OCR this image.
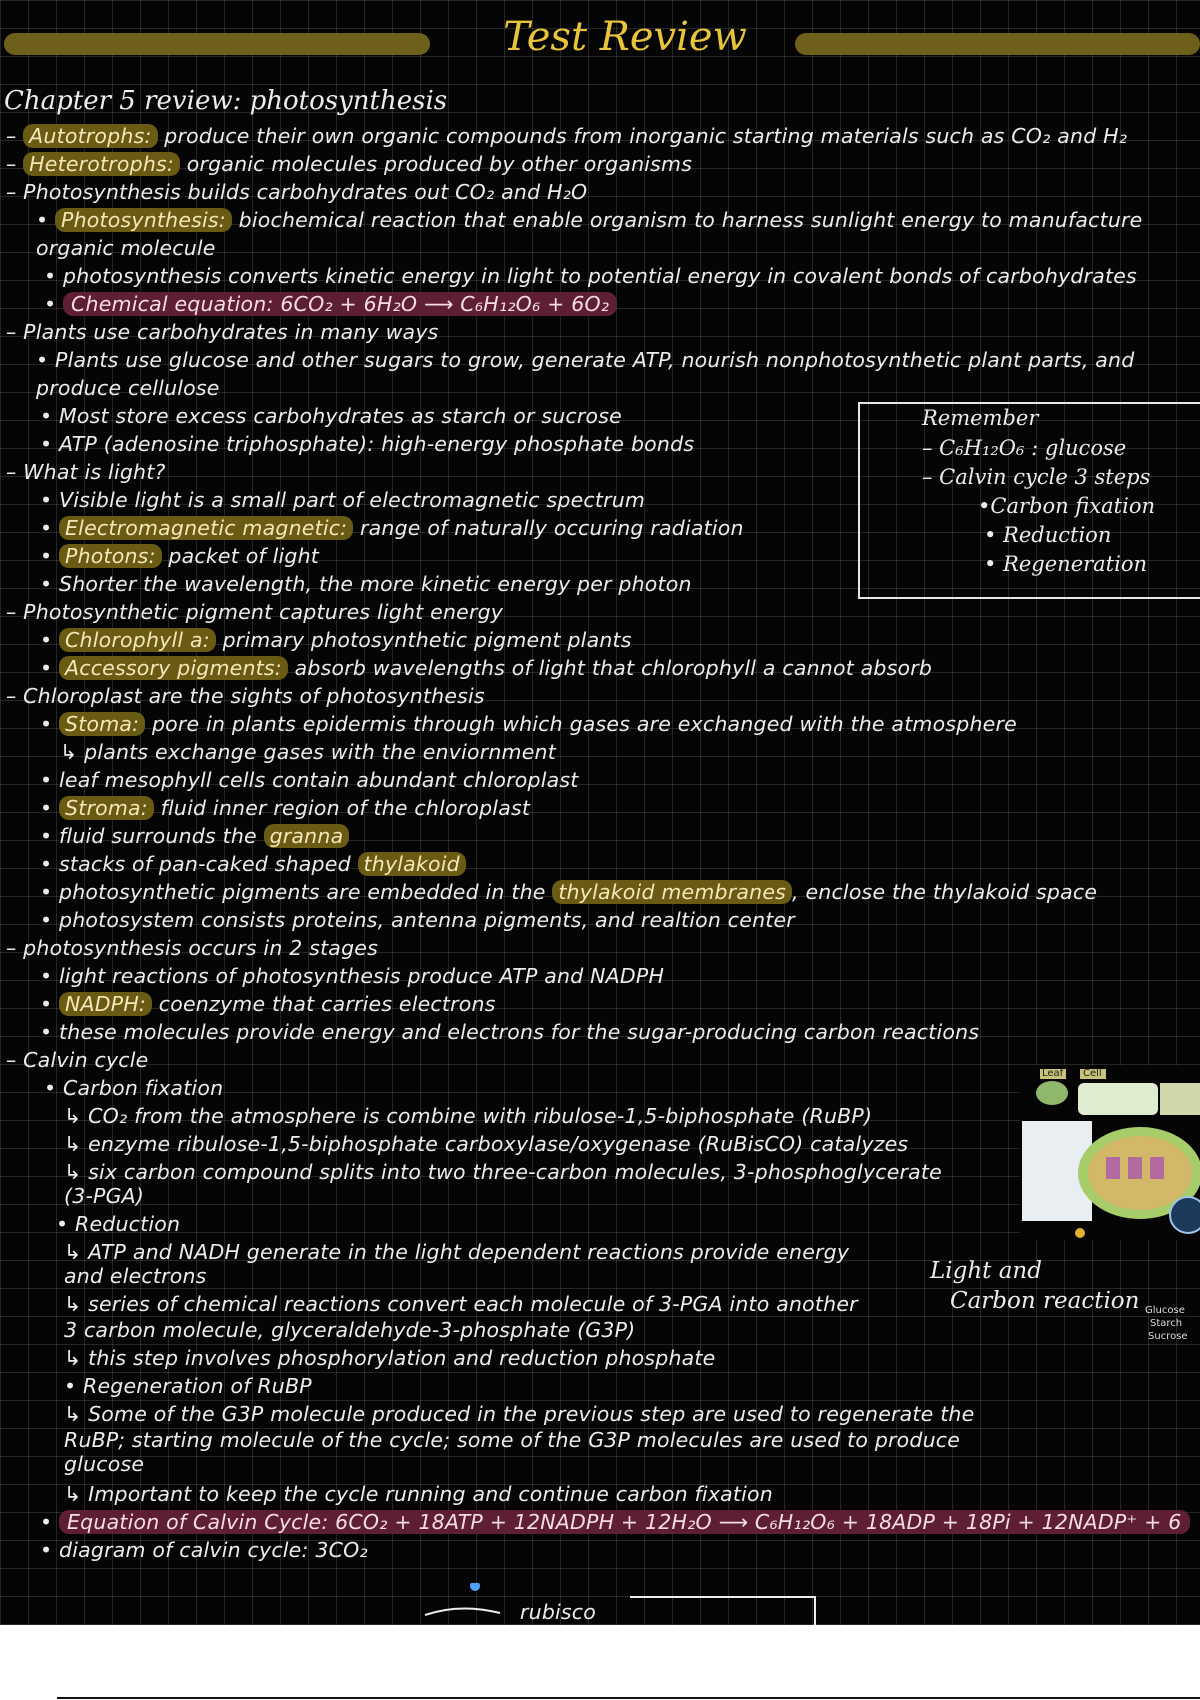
Test Review
Chapter 5 review: photosynthesis
– Autotrophs: produce their own organic compounds from inorganic starting materials such as CO₂ and H₂
– Heterotrophs: organic molecules produced by other organisms
– Photosynthesis builds carbohydrates out CO₂ and H₂O
• Photosynthesis: biochemical reaction that enable organism to harness sunlight energy to manufacture
organic molecule
• photosynthesis converts kinetic energy in light to potential energy in covalent bonds of carbohydrates
• Chemical equation: 6CO₂ + 6H₂O ⟶ C₆H₁₂O₆ + 6O₂
– Plants use carbohydrates in many ways
• Plants use glucose and other sugars to grow, generate ATP, nourish nonphotosynthetic plant parts, and
produce cellulose
• Most store excess carbohydrates as starch or sucrose
• ATP (adenosine triphosphate): high-energy phosphate bonds
– What is light?
• Visible light is a small part of electromagnetic spectrum
• Electromagnetic magnetic: range of naturally occuring radiation
• Photons: packet of light
• Shorter the wavelength, the more kinetic energy per photon
– Photosynthetic pigment captures light energy
• Chlorophyll a: primary photosynthetic pigment plants
• Accessory pigments: absorb wavelengths of light that chlorophyll a cannot absorb
– Chloroplast are the sights of photosynthesis
• Stoma: pore in plants epidermis through which gases are exchanged with the atmosphere
↳ plants exchange gases with the enviornment
• leaf mesophyll cells contain abundant chloroplast
• Stroma: fluid inner region of the chloroplast
• fluid surrounds the granna
• stacks of pan-caked shaped thylakoid
• photosynthetic pigments are embedded in the thylakoid membranes , enclose the thylakoid space
• photosystem consists proteins, antenna pigments, and realtion center
– photosynthesis occurs in 2 stages
• light reactions of photosynthesis produce ATP and NADPH
• NADPH: coenzyme that carries electrons
• these molecules provide energy and electrons for the sugar-producing carbon reactions
– Calvin cycle
• Carbon fixation
↳ CO₂ from the atmosphere is combine with ribulose-1,5-biphosphate (RuBP)
↳ enzyme ribulose-1,5-biphosphate carboxylase/oxygenase (RuBisCO) catalyzes
↳ six carbon compound splits into two three-carbon molecules, 3-phosphoglycerate
(3-PGA)
• Reduction
↳ ATP and NADH generate in the light dependent reactions provide energy
and electrons
↳ series of chemical reactions convert each molecule of 3-PGA into another
3 carbon molecule, glyceraldehyde-3-phosphate (G3P)
↳ this step involves phosphorylation and reduction phosphate
• Regeneration of RuBP
↳ Some of the G3P molecule produced in the previous step are used to regenerate the
RuBP; starting molecule of the cycle; some of the G3P molecules are used to produce
glucose
↳ Important to keep the cycle running and continue carbon fixation
• Equation of Calvin Cycle: 6CO₂ + 18ATP + 12NADPH + 12H₂O ⟶ C₆H₁₂O₆ + 18ADP + 18Pi + 12NADP⁺ + 6
• diagram of calvin cycle: 3CO₂
Remember
– C₆H₁₂O₆ : glucose
– Calvin cycle 3 steps
•Carbon fixation
• Reduction
• Regeneration
Light and
Carbon reaction Glucose
Starch
Sucrose
Leaf Cell
rubisco
